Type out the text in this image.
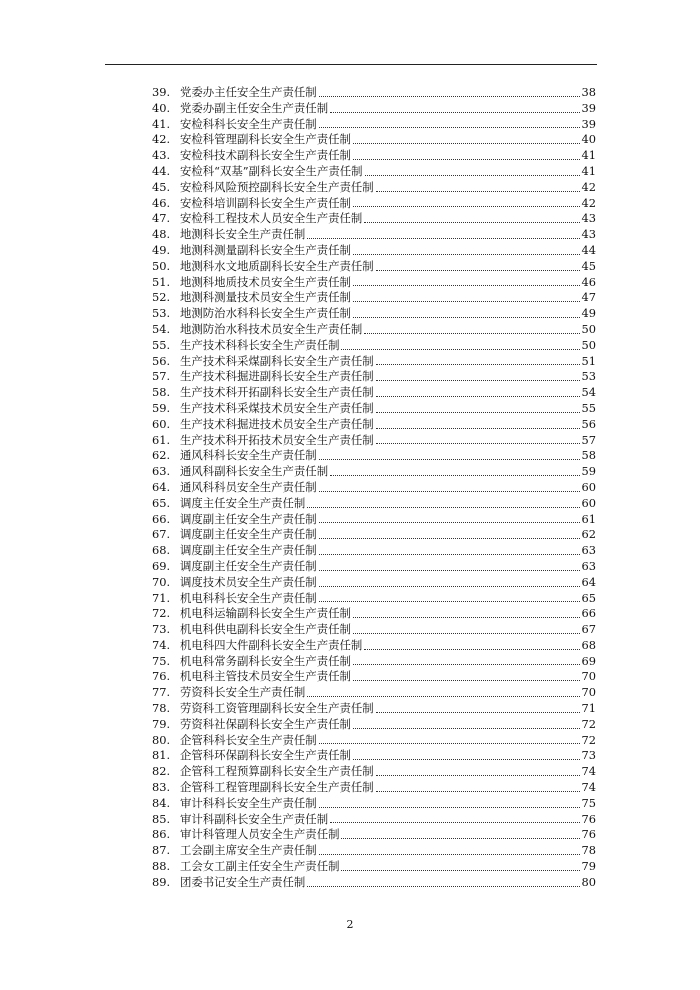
39. 党委办主任安全生产责任制	38
40. 党委办副主任安全生产责任制	39
41. 安检科科长安全生产责任制	39
42. 安检科管理副科长安全生产责任制	40
43. 安检科技术副科长安全生产责任制	41
44. 安检科“双基”副科长安全生产责任制	41
45. 安检科风险预控副科长安全生产责任制	42
46. 安检科培训副科长安全生产责任制	42
47. 安检科工程技术人员安全生产责任制	43
48. 地测科长安全生产责任制	43
49. 地测科测量副科长安全生产责任制	44
50. 地测科水文地质副科长安全生产责任制	45
51. 地测科地质技术员安全生产责任制	46
52. 地测科测量技术员安全生产责任制	47
53. 地测防治水科科长安全生产责任制	49
54. 地测防治水科技术员安全生产责任制	50
55. 生产技术科科长安全生产责任制	50
56. 生产技术科采煤副科长安全生产责任制	51
57. 生产技术科掘进副科长安全生产责任制	53
58. 生产技术科开拓副科长安全生产责任制	54
59. 生产技术科采煤技术员安全生产责任制	55
60. 生产技术科掘进技术员安全生产责任制	56
61. 生产技术科开拓技术员安全生产责任制	57
62. 通风科科长安全生产责任制	58
63. 通风科副科长安全生产责任制	59
64. 通风科科员安全生产责任制	60
65. 调度主任安全生产责任制	60
66. 调度副主任安全生产责任制	61
67. 调度副主任安全生产责任制	62
68. 调度副主任安全生产责任制	63
69. 调度副主任安全生产责任制	63
70. 调度技术员安全生产责任制	64
71. 机电科科长安全生产责任制	65
72. 机电科运输副科长安全生产责任制	66
73. 机电科供电副科长安全生产责任制	67
74. 机电科四大件副科长安全生产责任制	68
75. 机电科常务副科长安全生产责任制	69
76. 机电科主管技术员安全生产责任制	70
77. 劳资科长安全生产责任制	70
78. 劳资科工资管理副科长安全生产责任制	71
79. 劳资科社保副科长安全生产责任制	72
80. 企管科科长安全生产责任制	72
81. 企管科环保副科长安全生产责任制	73
82. 企管科工程预算副科长安全生产责任制	74
83. 企管科工程管理副科长安全生产责任制	74
84. 审计科科长安全生产责任制	75
85. 审计科副科长安全生产责任制	76
86. 审计科管理人员安全生产责任制	76
87. 工会副主席安全生产责任制	78
88. 工会女工副主任安全生产责任制	79
89. 团委书记安全生产责任制	80
2
